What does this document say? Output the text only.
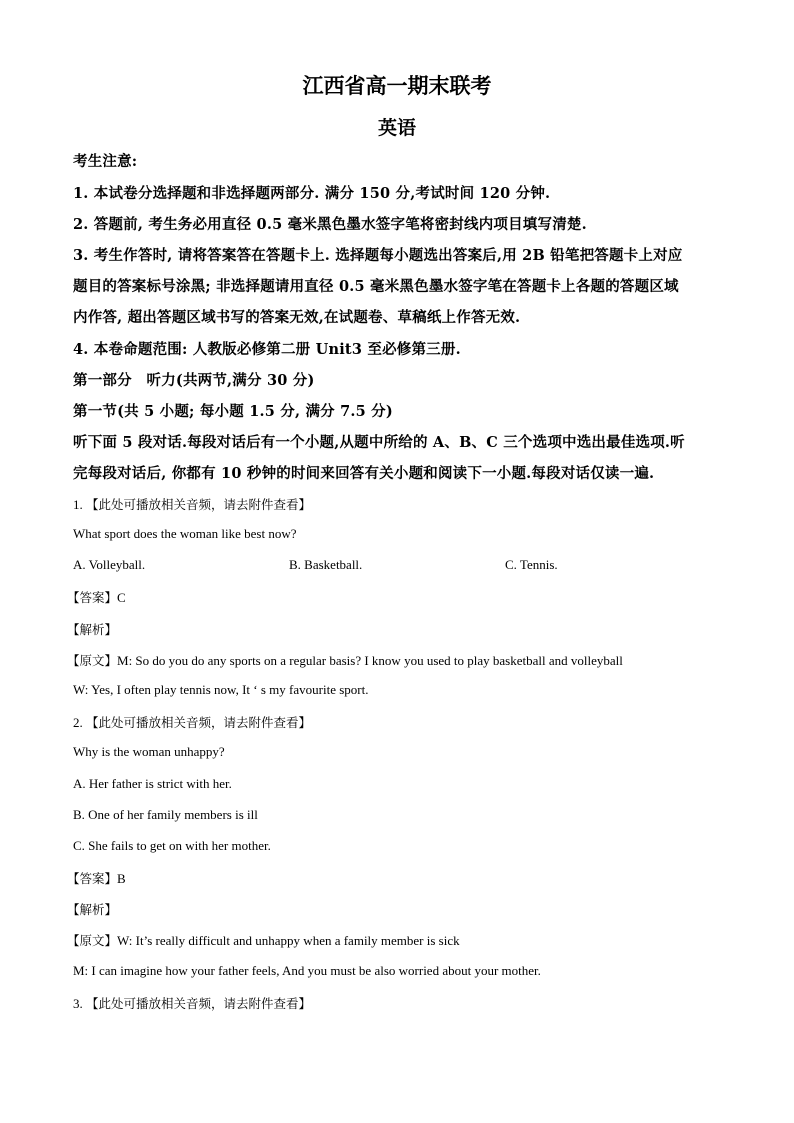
江西省高一期末联考
英语
考生注意:
1. 本试卷分选择题和非选择题两部分. 满分 150 分,考试时间 120 分钟.
2. 答题前, 考生务必用直径 0.5 毫米黑色墨水签字笔将密封线内项目填写清楚.
3. 考生作答时, 请将答案答在答题卡上. 选择题每小题选出答案后,用 2B 铅笔把答题卡上对应
题目的答案标号涂黑; 非选择题请用直径 0.5 毫米黑色墨水签字笔在答题卡上各题的答题区域
内作答, 超出答题区域书写的答案无效,在试题卷、草稿纸上作答无效.
4. 本卷命题范围: 人教版必修第二册 Unit3 至必修第三册.
第一部分　听力(共两节,满分 30 分)
第一节(共 5 小题; 每小题 1.5 分, 满分 7.5 分)
听下面 5 段对话.每段对话后有一个小题,从题中所给的 A、B、C 三个选项中选出最佳选项.听
完每段对话后, 你都有 10 秒钟的时间来回答有关小题和阅读下一小题.每段对话仅读一遍.
1. 【此处可播放相关音频，请去附件查看】
What sport does the woman like best now?
A. Volleyball.	B. Basketball.	C. Tennis.
【答案】C
【解析】
【原文】M: So do you do any sports on a regular basis? I know you used to play basketball and volleyball
W: Yes, I often play tennis now, It ‘ s my favourite sport.
2. 【此处可播放相关音频，请去附件查看】
Why is the woman unhappy?
A. Her father is strict with her.
B. One of her family members is ill
C. She fails to get on with her mother.
【答案】B
【解析】
【原文】W: It’s really difficult and unhappy when a family member is sick
M: I can imagine how your father feels, And you must be also worried about your mother.
3. 【此处可播放相关音频，请去附件查看】
